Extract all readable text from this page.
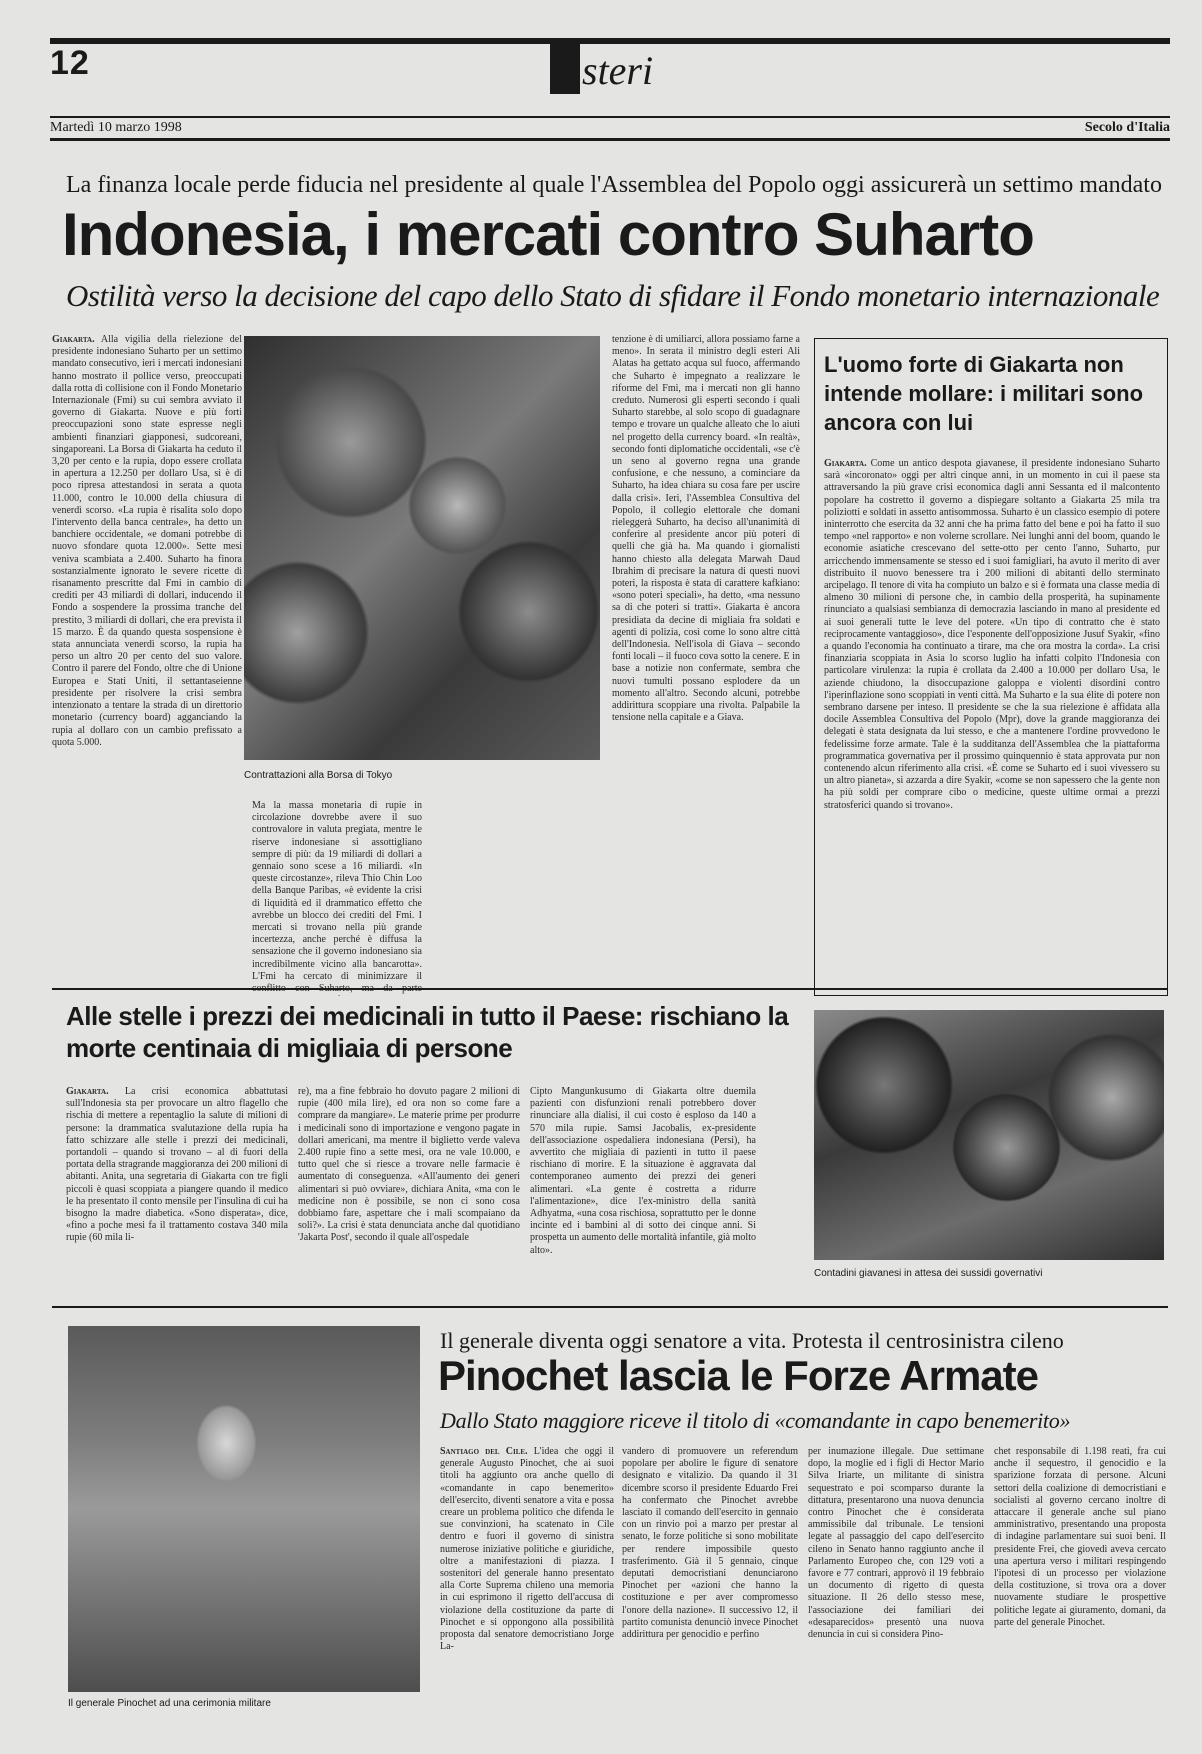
12	steri
Martedì 10 marzo 1998	Secolo d'Italia
La finanza locale perde fiducia nel presidente al quale l'Assemblea del Popolo oggi assicurerà un settimo mandato
Indonesia, i mercati contro Suharto
Ostilità verso la decisione del capo dello Stato di sfidare il Fondo monetario internazionale
Giakarta. Alla vigilia della rielezione del presidente indonesiano Suharto per un settimo mandato consecutivo, ieri i mercati indonesiani hanno mostrato il pollice verso, preoccupati dalla rotta di collisione con il Fondo Monetario Internazionale (Fmi) su cui sembra avviato il governo di Giakarta. Nuove e più forti preoccupazioni sono state espresse negli ambienti finanziari giapponesi, sudcoreani, singaporeani. La Borsa di Giakarta ha ceduto il 3,20 per cento e la rupia, dopo essere crollata in apertura a 12.250 per dollaro Usa, si è di poco ripresa attestandosi in serata a quota 11.000, contro le 10.000 della chiusura di venerdì scorso. «La rupia è risalita solo dopo l'intervento della banca centrale», ha detto un banchiere occidentale, «e domani potrebbe di nuovo sfondare quota 12.000». Sette mesi veniva scambiata a 2.400. Suharto ha finora sostanzialmente ignorato le severe ricette di risanamento prescritte dal Fmi in cambio di crediti per 43 miliardi di dollari, inducendo il Fondo a sospendere la prossima tranche del prestito, 3 miliardi di dollari, che era prevista il 15 marzo. È da quando questa sospensione è stata annunciata venerdì scorso, la rupia ha perso un altro 20 per cento del suo valore. Contro il parere del Fondo, oltre che di Unione Europea e Stati Uniti, il settantaseienne presidente per risolvere la crisi sembra intenzionato a tentare la strada di un direttorio monetario (currency board) agganciando la rupia al dollaro con un cambio prefissato a quota 5.000.
Contrattazioni alla Borsa di Tokyo
Ma la massa monetaria di rupie in circolazione dovrebbe avere il suo controvalore in valuta pregiata, mentre le riserve indonesiane si assottigliano sempre di più: da 19 miliardi di dollari a gennaio sono scese a 16 miliardi. «In queste circostanze», rileva Thio Chin Loo della Banque Paribas, «è evidente la crisi di liquidità ed il drammatico effetto che avrebbe un blocco dei crediti del Fmi. I mercati si trovano nella più grande incertezza, anche perché è diffusa la sensazione che il governo indonesiano sia incredibilmente vicino alla bancarotta». L'Fmi ha cercato di minimizzare il
tenzione è di umiliarci, allora possiamo farne a meno». In serata il ministro degli esteri Ali Alatas ha gettato acqua sul fuoco, affermando che Suharto è impegnato a realizzare le riforme del Fmi, ma i mercati non gli hanno creduto. Numerosi gli esperti secondo i quali Suharto starebbe, al solo scopo di guadagnare tempo e trovare un qualche alleato che lo aiuti nel progetto della currency board. «In realtà», secondo fonti diplomatiche occidentali, «se c'è un seno al governo regna una grande confusione, e che nessuno, a cominciare da Suharto, ha idea chiara su cosa fare per uscire dalla crisi». Ieri, l'Assemblea Consultiva del Popolo, il collegio elettorale che domani rieleggerà Suharto, ha deciso all'unanimità di conferire al presidente ancor più poteri di quelli che già ha. Ma quando i giornalisti hanno chiesto alla delegata Marwah Daud Ibrahim di precisare la natura di questi nuovi poteri, la risposta è stata di carattere kafkiano: «sono poteri speciali», ha detto, «ma nessuno sa di che poteri si tratti». Giakarta è ancora presidiata da decine di migliaia fra soldati e agenti di polizia, così come lo sono altre città dell'Indonesia. Nell'isola di Giava – secondo fonti locali – il fuoco cova sotto la cenere. E in base a notizie non confermate, sembra che nuovi tumulti possano esplodere da un momento all'altro. Secondo alcuni, potrebbe addirittura scoppiare una rivolta. Palpabile la tensione nella capitale e a Giava.
L'uomo forte di Giakarta non intende mollare: i militari sono ancora con lui
Giakarta. Come un antico despota giavanese, il presidente indonesiano Suharto sarà «incoronato» oggi per altri cinque anni, in un momento in cui il paese sta attraversando la più grave crisi economica dagli anni Sessanta ed il malcontento popolare ha costretto il governo a dispiegare soltanto a Giakarta 25 mila tra poliziotti e soldati in assetto antisommossa. Suharto è un classico esempio di potere ininterrotto che esercita da 32 anni che ha prima fatto del bene e poi ha fatto il suo tempo «nel rapporto» e non volerne scrollare. Nei lunghi anni del boom, quando le economie asiatiche crescevano del sette-otto per cento l'anno, Suharto, pur arricchendo immensamente se stesso ed i suoi famigliari, ha avuto il merito di aver distribuito il nuovo benessere tra i 200 milioni di abitanti dello sterminato arcipelago. Il tenore di vita ha compiuto un balzo e si è formata una classe media di almeno 30 milioni di persone che, in cambio della prosperità, ha supinamente rinunciato a qualsiasi sembianza di democrazia lasciando in mano al presidente ed ai suoi generali tutte le leve del potere. «Un tipo di contratto che è stato reciprocamente vantaggioso», dice l'esponente dell'opposizione Jusuf Syakir, «fino a quando l'economia ha continuato a tirare, ma che ora mostra la corda». La crisi finanziaria scoppiata in Asia lo scorso luglio ha infatti colpito l'Indonesia con particolare virulenza: la rupia è crollata da 2.400 a 10.000 per dollaro Usa, le aziende chiudono, la disoccupazione galoppa e violenti disordini contro l'iperinflazione sono scoppiati in venti città. Ma Suharto e la sua élite di potere non sembrano darsene per inteso. Il presidente se che la sua rielezione è affidata alla docile Assemblea Consultiva del Popolo (Mpr), dove la grande maggioranza dei delegati è stata designata da lui stesso, e che a mantenere l'ordine provvedono le fedelissime forze armate. Tale è la sudditanza dell'Assemblea che la piattaforma programmatica governativa per il prossimo quinquennio è stata approvata pur non contenendo alcun riferimento alla crisi. «È come se Suharto ed i suoi vivessero su un altro pianeta», si azzarda a dire Syakir, «come se non sapessero che la gente non ha più soldi per comprare cibo o medicine, queste ultime ormai a prezzi stratosferici quando si trovano».
Alle stelle i prezzi dei medicinali in tutto il Paese: rischiano la morte centinaia di migliaia di persone
Giakarta. La crisi economica abbattutasi sull'Indonesia sta per provocare un altro flagello che rischia di mettere a repentaglio la salute di milioni di persone: la drammatica svalutazione della rupia ha fatto schizzare alle stelle i prezzi dei medicinali, portandoli – quando si trovano – al di fuori della portata della stragrande maggioranza dei 200 milioni di abitanti. Anita, una segretaria di Giakarta con tre figli piccoli è quasi scoppiata a piangere quando il medico le ha presentato il conto mensile per l'insulina di cui ha bisogno la madre diabetica. «Sono disperata», dice, «fino a poche mesi fa il trattamento costava 340 mila rupie (60 mila li-
re), ma a fine febbraio ho dovuto pagare 2 milioni di rupie (400 mila lire), ed ora non so come fare a comprare da mangiare». Le materie prime per produrre i medicinali sono di importazione e vengono pagate in dollari americani, ma mentre il biglietto verde valeva 2.400 rupie fino a sette mesi, ora ne vale 10.000, e tutto quel che si riesce a trovare nelle farmacie è aumentato di conseguenza. «All'aumento dei generi alimentari si può ovviare», dichiara Anita, «ma con le medicine non è possibile, se non ci sono cosa dobbiamo fare, aspettare che i mali scompaiano da soli?». La crisi è stata denunciata anche dal quotidiano 'Jakarta Post', secondo il quale all'ospedale
Cipto Mangunkusumo di Giakarta oltre duemila pazienti con disfunzioni renali potrebbero dover rinunciare alla dialisi, il cui costo è esploso da 140 a 570 mila rupie. Samsi Jacobalis, ex-presidente dell'associazione ospedaliera indonesiana (Persi), ha avvertito che migliaia di pazienti in tutto il paese rischiano di morire. E la situazione è aggravata dal contemporaneo aumento dei prezzi dei generi alimentari. «La gente è costretta a ridurre l'alimentazione», dice l'ex-ministro della sanità Adhyatma, «una cosa rischiosa, soprattutto per le donne incinte ed i bambini al di sotto dei cinque anni. Si prospetta un aumento delle mortalità infantile, già molto alto».
Contadini giavanesi in attesa dei sussidi governativi
Il generale Pinochet ad una cerimonia militare
Il generale diventa oggi senatore a vita. Protesta il centrosinistra cileno
Pinochet lascia le Forze Armate
Dallo Stato maggiore riceve il titolo di «comandante in capo benemerito»
Santiago del Cile. L'idea che oggi il generale Augusto Pinochet, che ai suoi titoli ha aggiunto ora anche quello di «comandante in capo benemerito» dell'esercito, diventi senatore a vita e possa creare un problema politico che difenda le sue convinzioni, ha scatenato in Cile dentro e fuori il governo di sinistra numerose iniziative politiche e giuridiche, oltre a manifestazioni di piazza. I sostenitori del generale hanno presentato alla Corte Suprema chileno una memoria in cui esprimono il rigetto dell'accusa di violazione della costituzione da parte di Pinochet e si oppongono alla possibilità proposta dal senatore democristiano Jorge La-
vandero di promuovere un referendum popolare per abolire le figure di senatore designato e vitalizio. Da quando il 31 dicembre scorso il presidente Eduardo Frei ha confermato che Pinochet avrebbe lasciato il comando dell'esercito in gennaio con un rinvio poi a marzo per prestar al senato, le forze politiche si sono mobilitate per rendere impossibile questo trasferimento. Già il 5 gennaio, cinque deputati democristiani denunciarono Pinochet per «azioni che hanno la costituzione e per aver compromesso l'onore della nazione». Il successivo 12, il partito comunista denunciò invece Pinochet addirittura per genocidio e perfino
per inumazione illegale. Due settimane dopo, la moglie ed i figli di Hector Mario Silva Iriarte, un militante di sinistra sequestrato e poi scomparso durante la dittatura, presentarono una nuova denuncia contro Pinochet che è considerata ammissibile dal tribunale. Le tensioni legate al passaggio del capo dell'esercito cileno in Senato hanno raggiunto anche il Parlamento Europeo che, con 129 voti a favore e 77 contrari, approvò il 19 febbraio un documento di rigetto di questa situazione. Il 26 dello stesso mese, l'associazione dei familiari dei «desaparecidos» presentò una nuova denuncia in cui si considera Pino-
chet responsabile di 1.198 reati, fra cui anche il sequestro, il genocidio e la sparizione forzata di persone. Alcuni settori della coalizione di democristiani e socialisti al governo cercano inoltre di attaccare il generale anche sul piano amministrativo, presentando una proposta di indagine parlamentare sui suoi beni. Il presidente Frei, che giovedì aveva cercato una apertura verso i militari respingendo l'ipotesi di un processo per violazione della costituzione, si trova ora a dover nuovamente studiare le prospettive politiche legate ai giuramento, domani, da parte del generale Pinochet.
